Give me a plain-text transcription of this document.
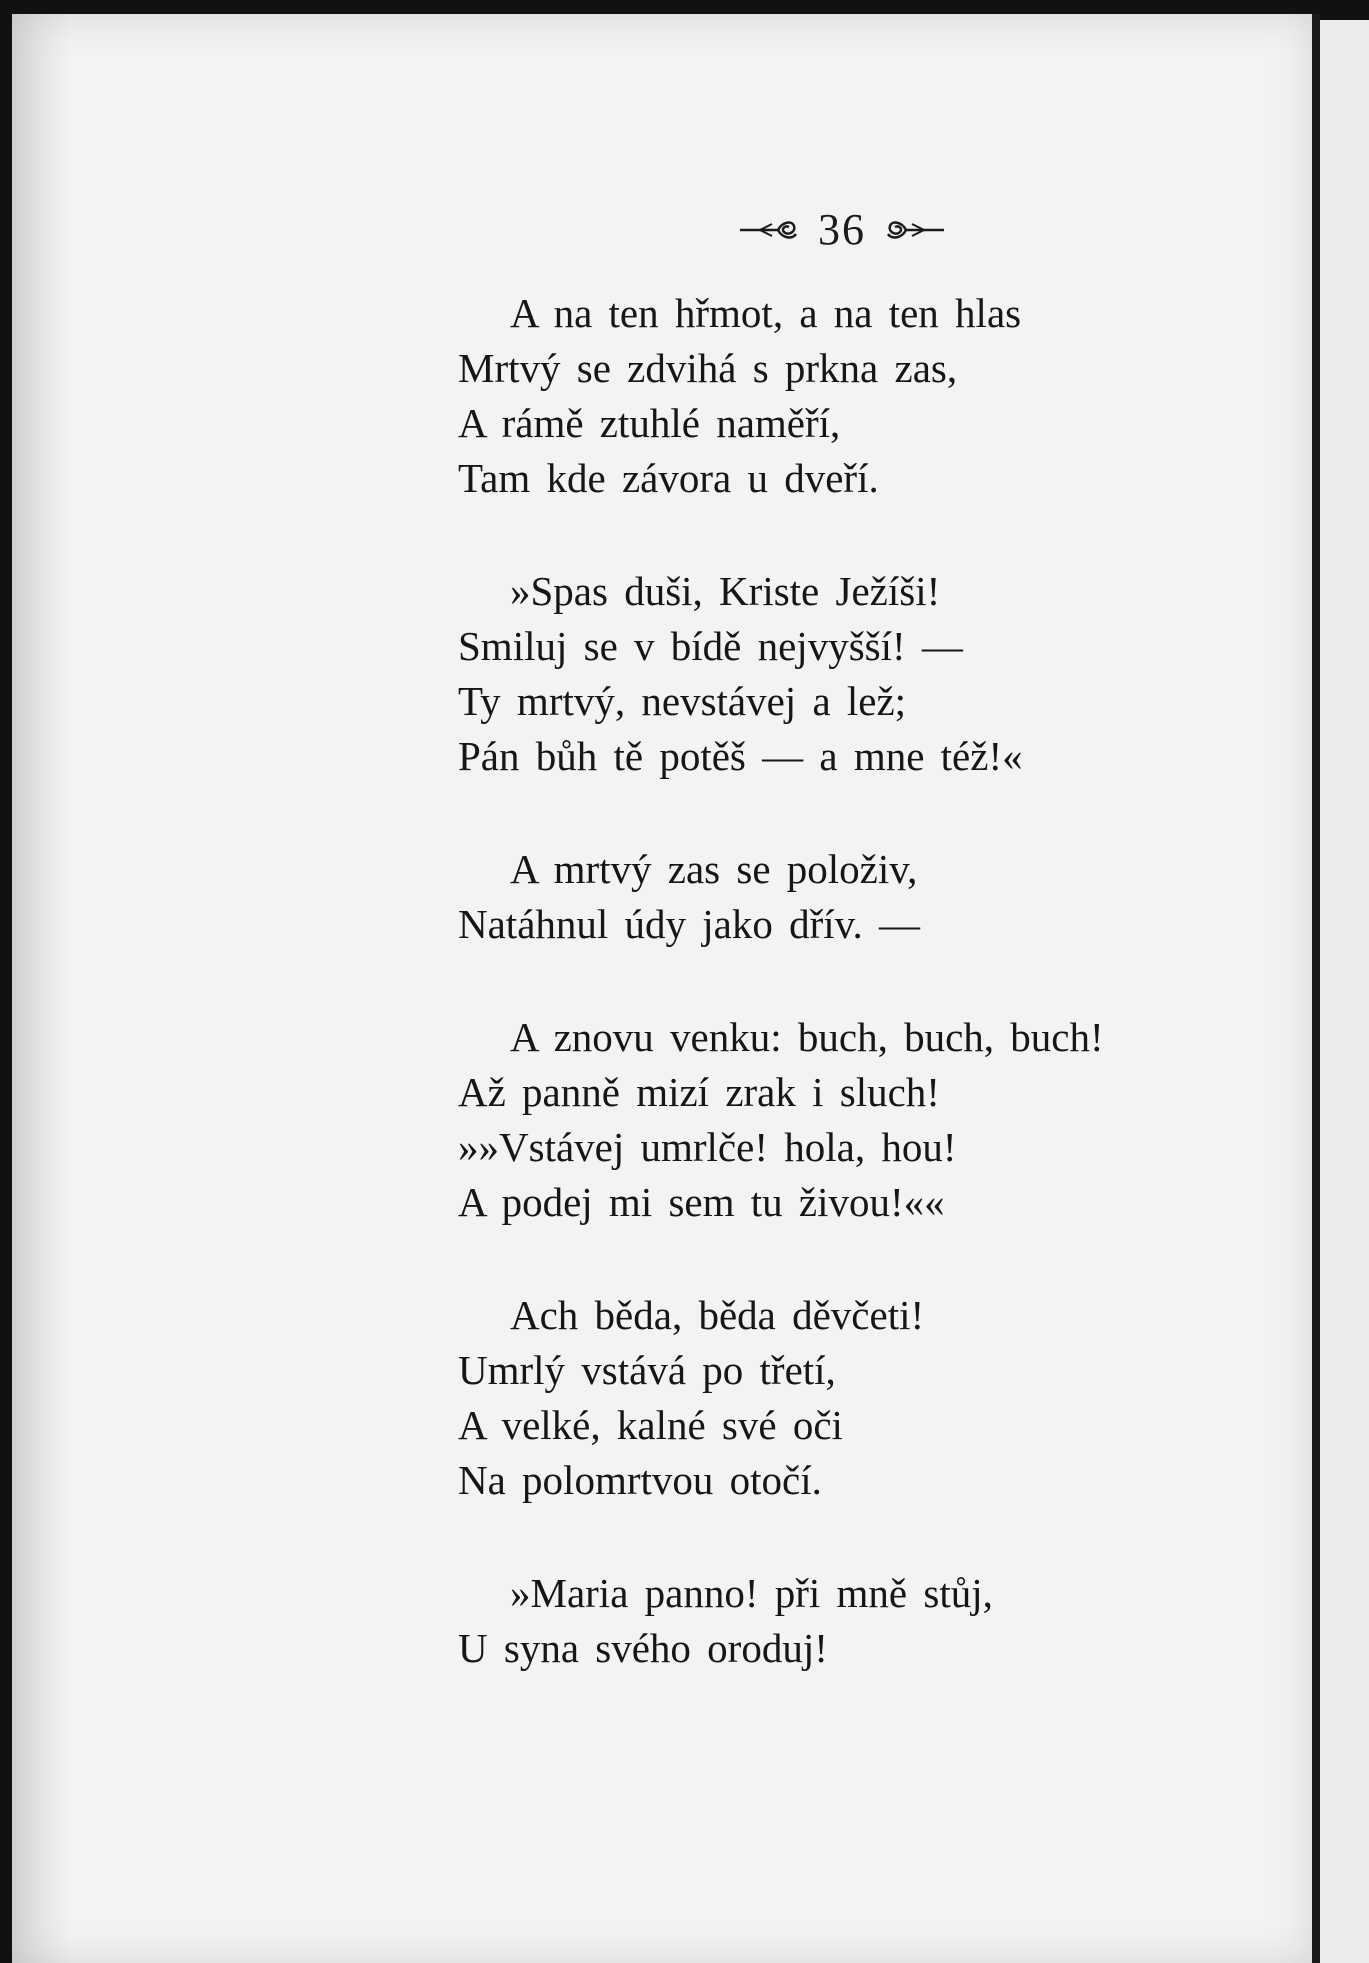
36
A na ten hřmot, a na ten hlas
Mrtvý se zdvihá s prkna zas,
A rámě ztuhlé naměří,
Tam kde závora u dveří.
»Spas duši, Kriste Ježíši!
Smiluj se v bídě nejvyšší! —
Ty mrtvý, nevstávej a lež;
Pán bůh tě potěš — a mne též!«
A mrtvý zas se položiv,
Natáhnul údy jako dřív. —
A znovu venku: buch, buch, buch!
Až panně mizí zrak i sluch!
»»Vstávej umrlče! hola, hou!
A podej mi sem tu živou!««
Ach běda, běda děvčeti!
Umrlý vstává po třetí,
A velké, kalné své oči
Na polomrtvou otočí.
»Maria panno! při mně stůj,
U syna svého oroduj!
